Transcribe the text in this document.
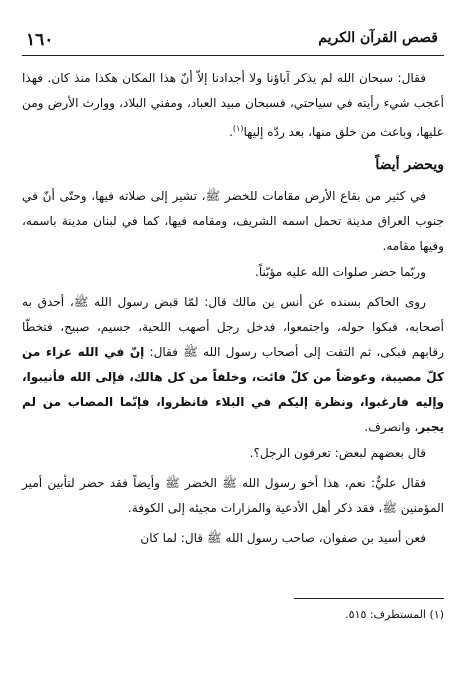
قصص القرآن الكريم
١٦٠

فقال: سبحان الله لم يذكر آباؤنا ولا أجدادنا إلاّ أنّ هذا المكان هكذا منذ كان. فهذا أعجب شيء رأيته في سياحتي، فسبحان مبيد العباد، ومفني البلاد، ووارث الأرض ومن عليها، وباعث من خلق منها، بعد ردّه إليها$^{(١)}$.

ويحضر أيضاً

في كثير من بقاع الأرض مقامات للخضر ﷺ، تشير إلى صلاته فيها، وحتّى أنّ في جنوب العراق مدينة تحمل اسمه الشريف، ومقامه فيها، كما في لبنان مدينة باسمه، وفيها مقامه.

وربّما حضر صلوات الله عليه مؤبّناً.

روى الحاكم بسنده عن أنس بن مالك قال: لمّا قبض رسول الله ﷺ، أحدق به أصحابه، فبكوا حوله، واجتمعوا، فدخل رجل أصهب اللحية، جسيم، صبيح، فتخطّا رقابهم فبكى، ثم التفت إلى أصحاب رسول الله ﷺ فقال: إنّ في الله عزاء من كلّ مصيبة، وعوضاً من كلّ فائت، وخلفاً من كل هالك، فإلى الله فأنيبوا، وإليه فارغبوا، ونظرة إليكم في البلاء فانظروا، فإنّما المصاب من لم يجبر، وانصرف.

قال بعضهم لبعض: تعرفون الرجل؟.

فقال عليٌّ: نعم، هذا أخو رسول الله ﷺ الخضر ﷺ وأيضاً فقد حضر لتأبين أمير المؤمنين ﷺ، فقد ذكر أهل الأدعية والمزارات مجيئه إلى الكوفة.

فعن أسيد بن صفوان، صاحب رسول الله ﷺ قال: لما كان

(١) المستطرف: ٥١٥.
